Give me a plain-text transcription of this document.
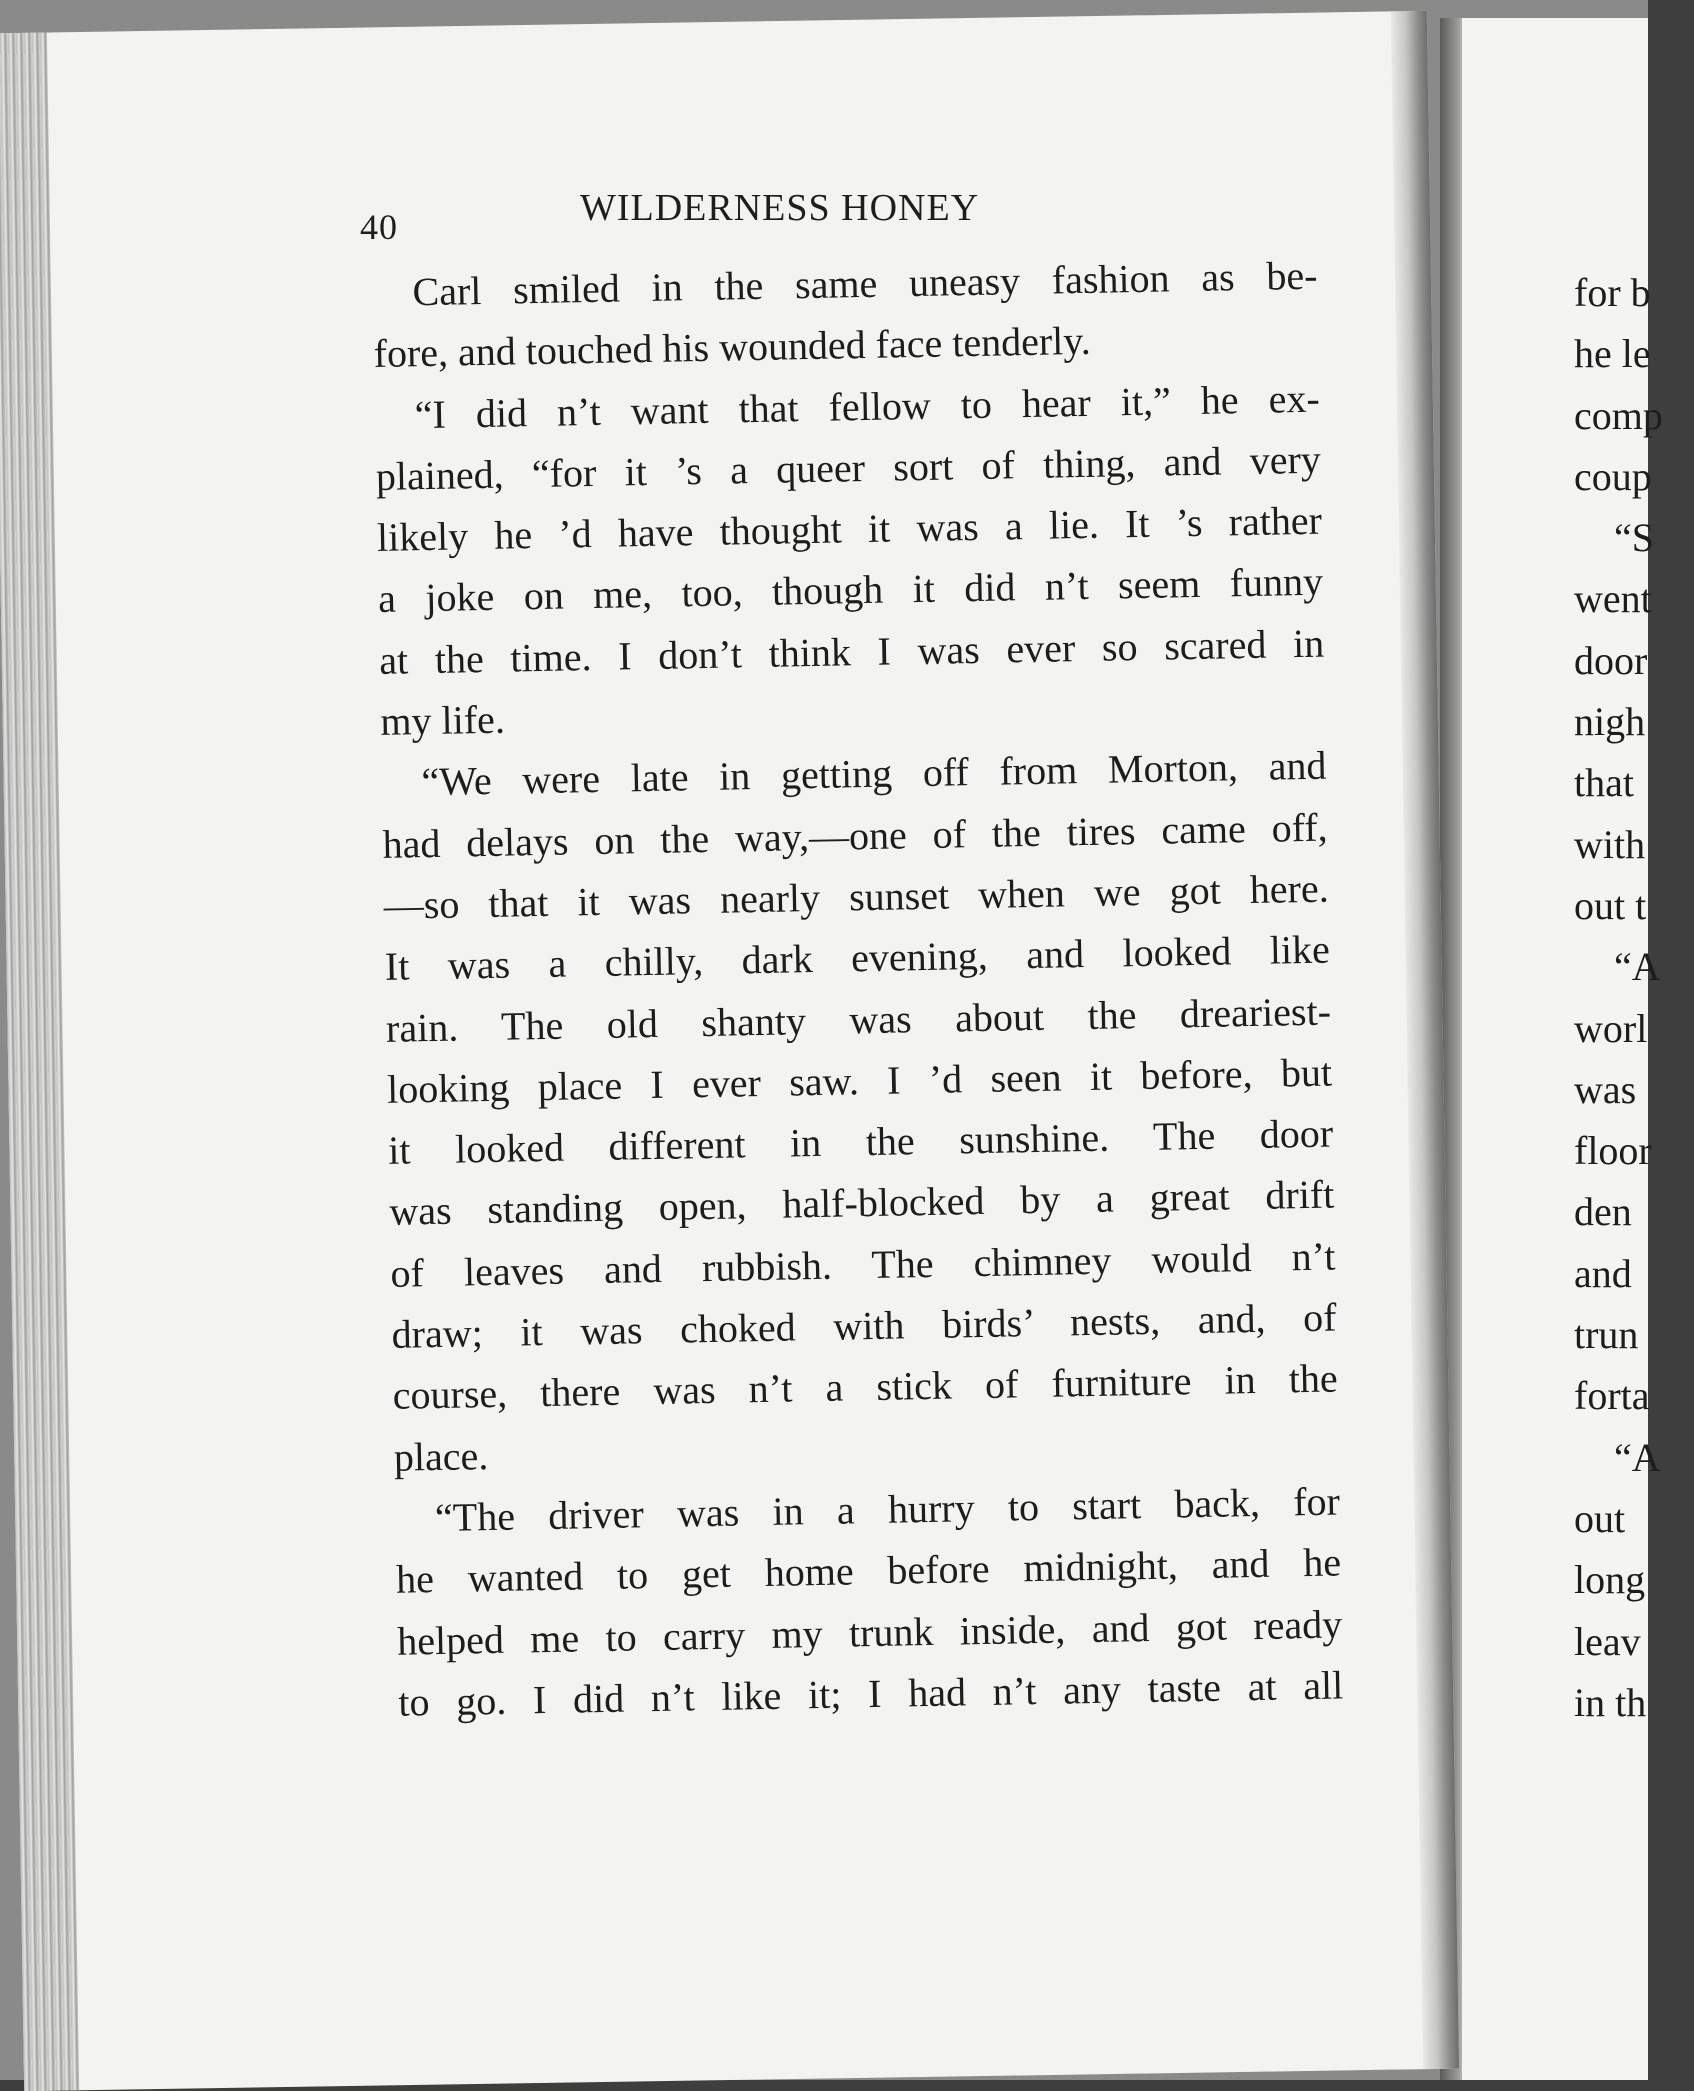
40	WILDERNESS HONEY
Carl smiled in the same uneasy fashion as be-
fore, and touched his wounded face tenderly.
“I did n’t want that fellow to hear it,” he ex-
plained, “for it ’s a queer sort of thing, and very
likely he ’d have thought it was a lie. It ’s rather
a joke on me, too, though it did n’t seem funny
at the time. I don’t think I was ever so scared in
my life.
“We were late in getting off from Morton, and
had delays on the way,—one of the tires came off,
—so that it was nearly sunset when we got here.
It was a chilly, dark evening, and looked like
rain. The old shanty was about the dreariest-
looking place I ever saw. I ’d seen it before, but
it looked different in the sunshine. The door
was standing open, half-blocked by a great drift
of leaves and rubbish. The chimney would n’t
draw; it was choked with birds’ nests, and, of
course, there was n’t a stick of furniture in the
place.
“The driver was in a hurry to start back, for
he wanted to get home before midnight, and he
helped me to carry my trunk inside, and got ready
to go. I did n’t like it; I had n’t any taste at all
for b
he le
comp
coup
“S
went
door
nigh
that
with
out t
“A
worl
was
floor
den
and
trun
forta
“A
out
long
leav
in th
